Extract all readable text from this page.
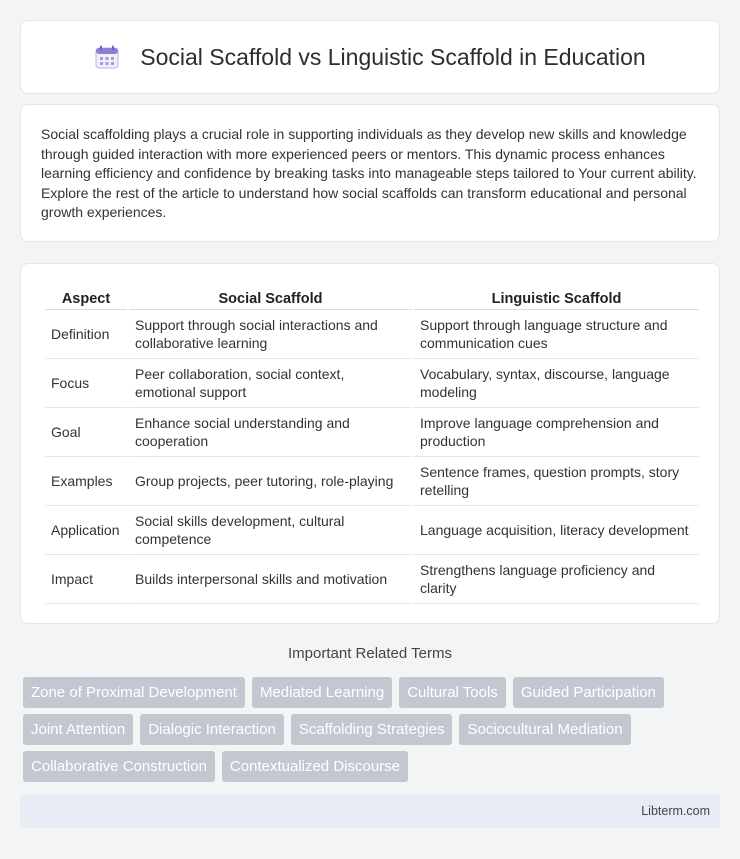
Social Scaffold vs Linguistic Scaffold in Education

Social scaffolding plays a crucial role in supporting individuals as they develop new skills and knowledge through guided interaction with more experienced peers or mentors. This dynamic process enhances learning efficiency and confidence by breaking tasks into manageable steps tailored to Your current ability. Explore the rest of the article to understand how social scaffolds can transform educational and personal growth experiences.

Aspect	Social Scaffold	Linguistic Scaffold
Definition	Support through social interactions and collaborative learning	Support through language structure and communication cues
Focus	Peer collaboration, social context, emotional support	Vocabulary, syntax, discourse, language modeling
Goal	Enhance social understanding and cooperation	Improve language comprehension and production
Examples	Group projects, peer tutoring, role-playing	Sentence frames, question prompts, story retelling
Application	Social skills development, cultural competence	Language acquisition, literacy development
Impact	Builds interpersonal skills and motivation	Strengthens language proficiency and clarity
Important Related Terms
Zone of Proximal Development	Mediated Learning	Cultural Tools	Guided Participation
Joint Attention	Dialogic Interaction	Scaffolding Strategies	Sociocultural Mediation
Collaborative Construction	Contextualized Discourse
Libterm.com
